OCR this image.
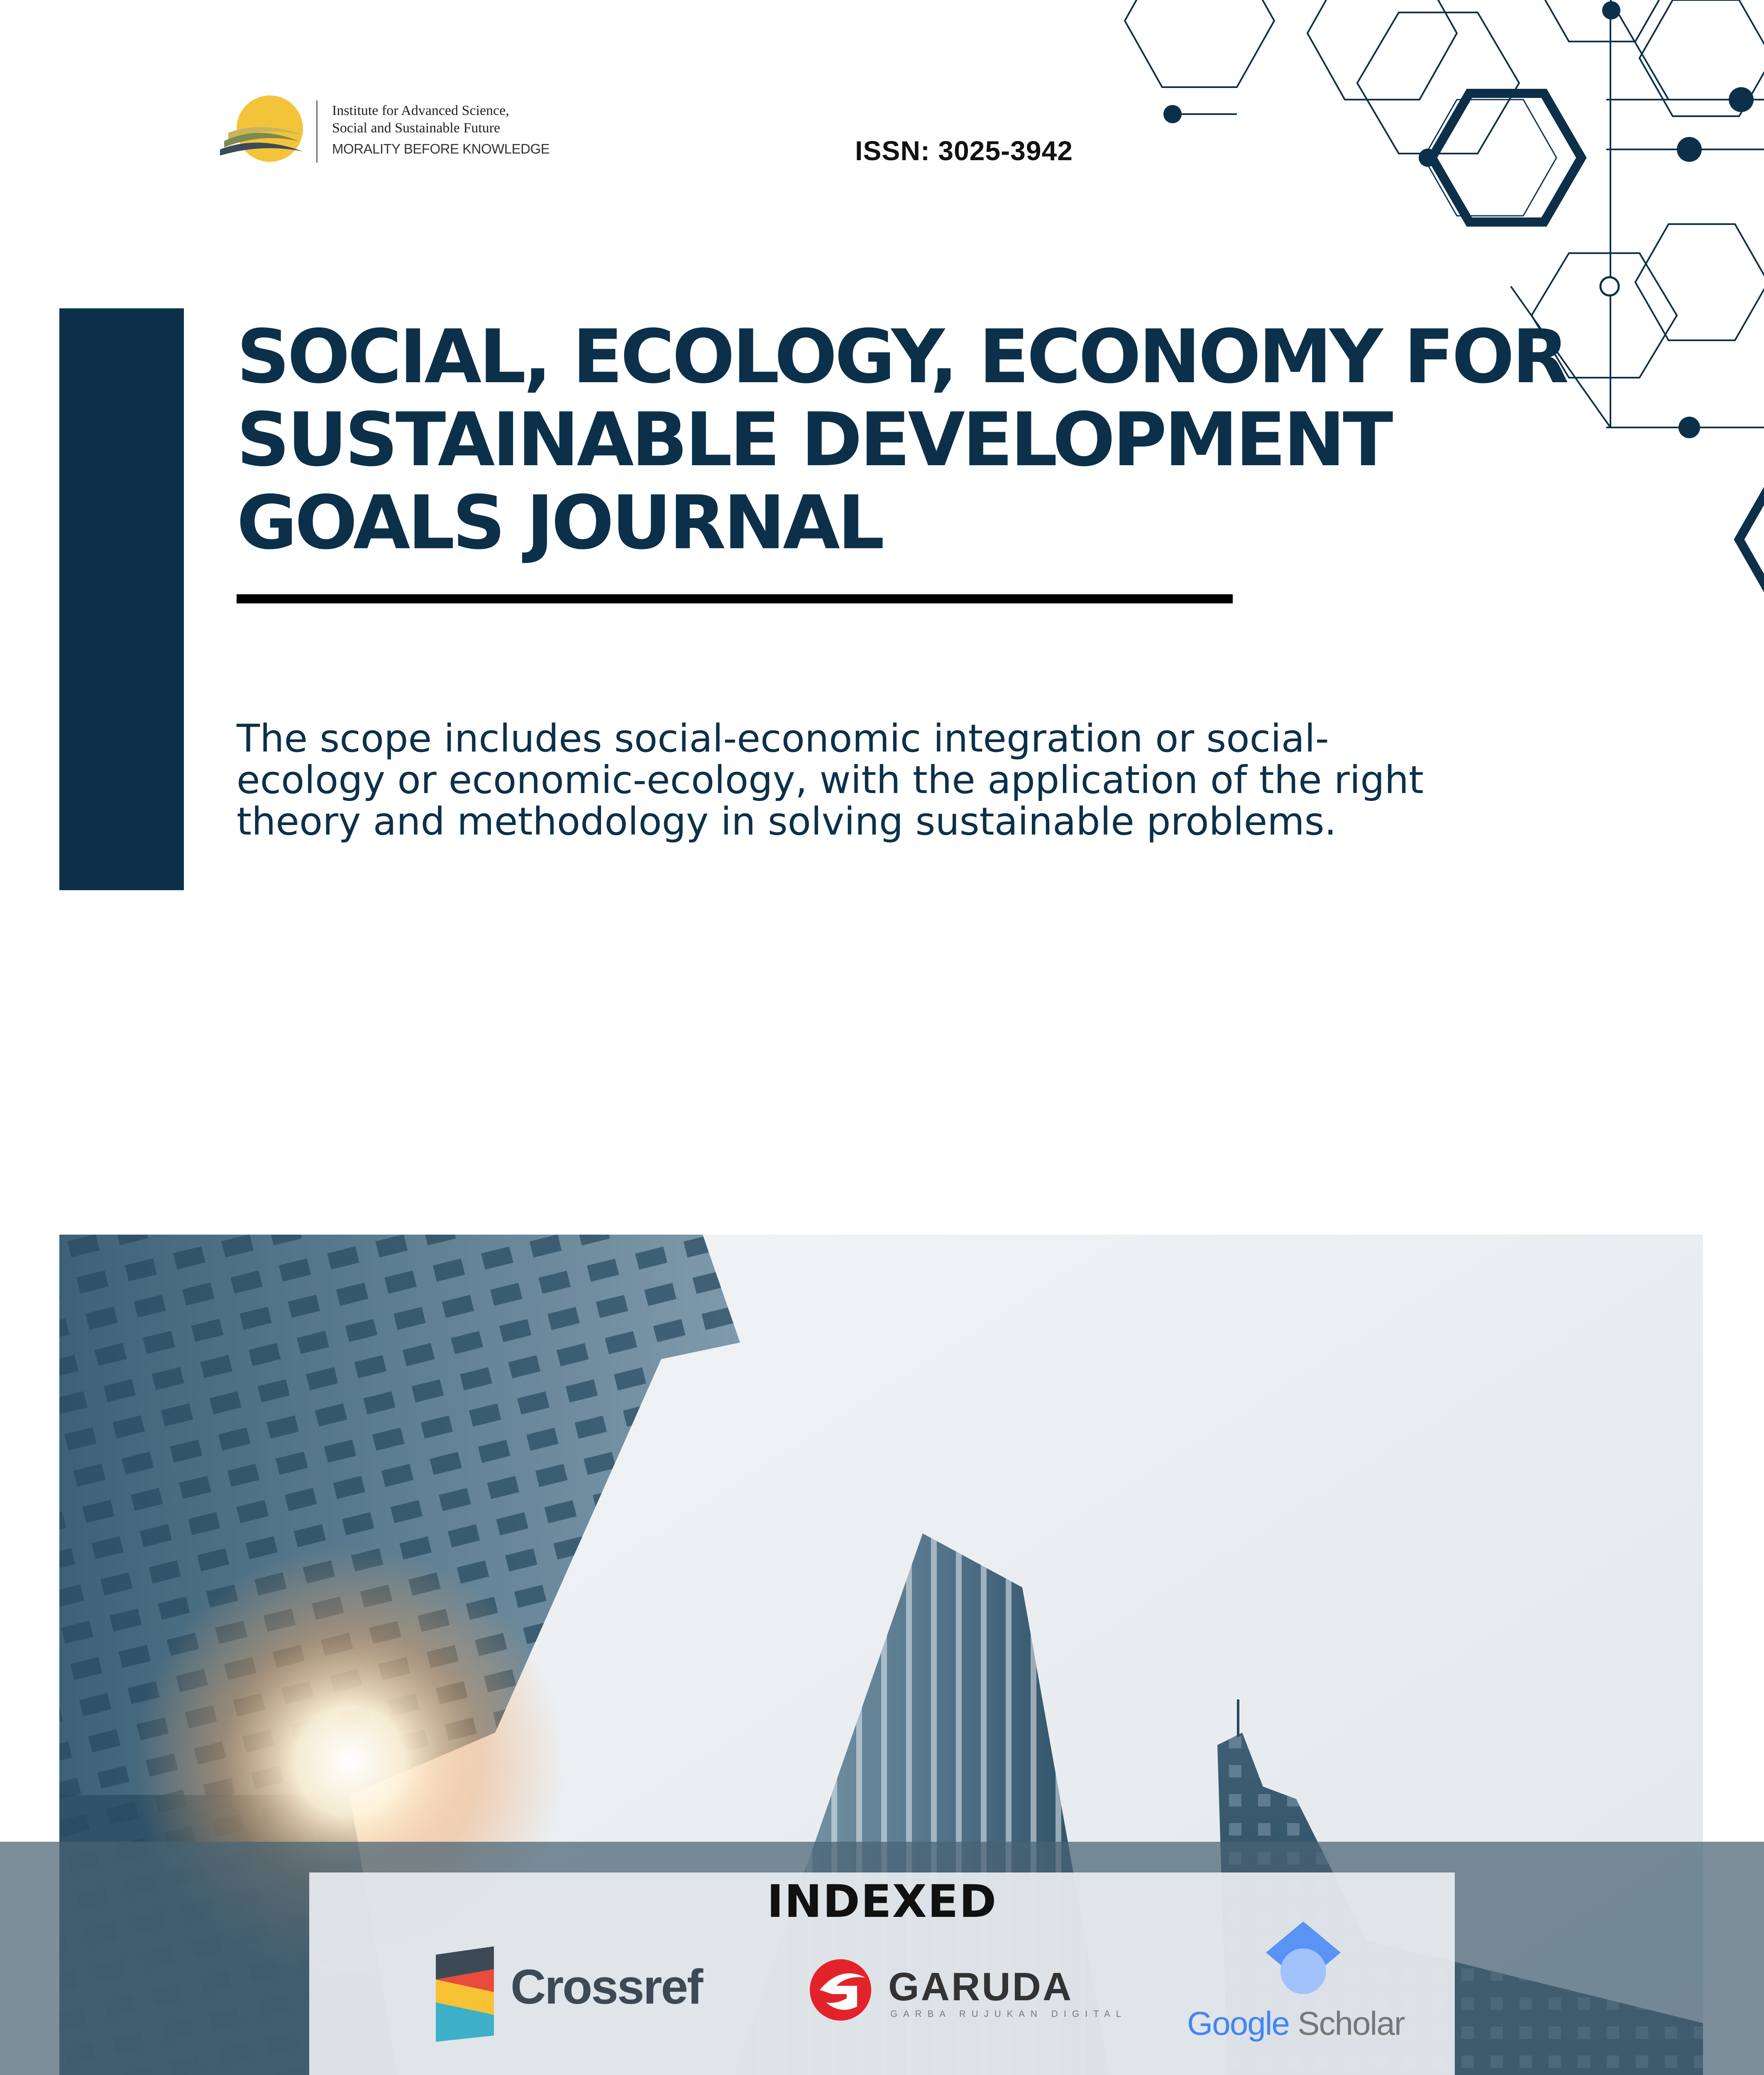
Institute for Advanced Science,
Social and Sustainable Future
MORALITY BEFORE KNOWLEDGE	ISSN: 3025-3942
SOCIAL, ECOLOGY, ECONOMY FOR
SUSTAINABLE DEVELOPMENT
GOALS JOURNAL
The scope includes social-economic integration or social-ecology or economic-ecology, with the application of the right theory and methodology in solving sustainable problems.
INDEXED
Crossref	GARUDA
GARBA RUJUKAN DIGITAL Google Scholar
